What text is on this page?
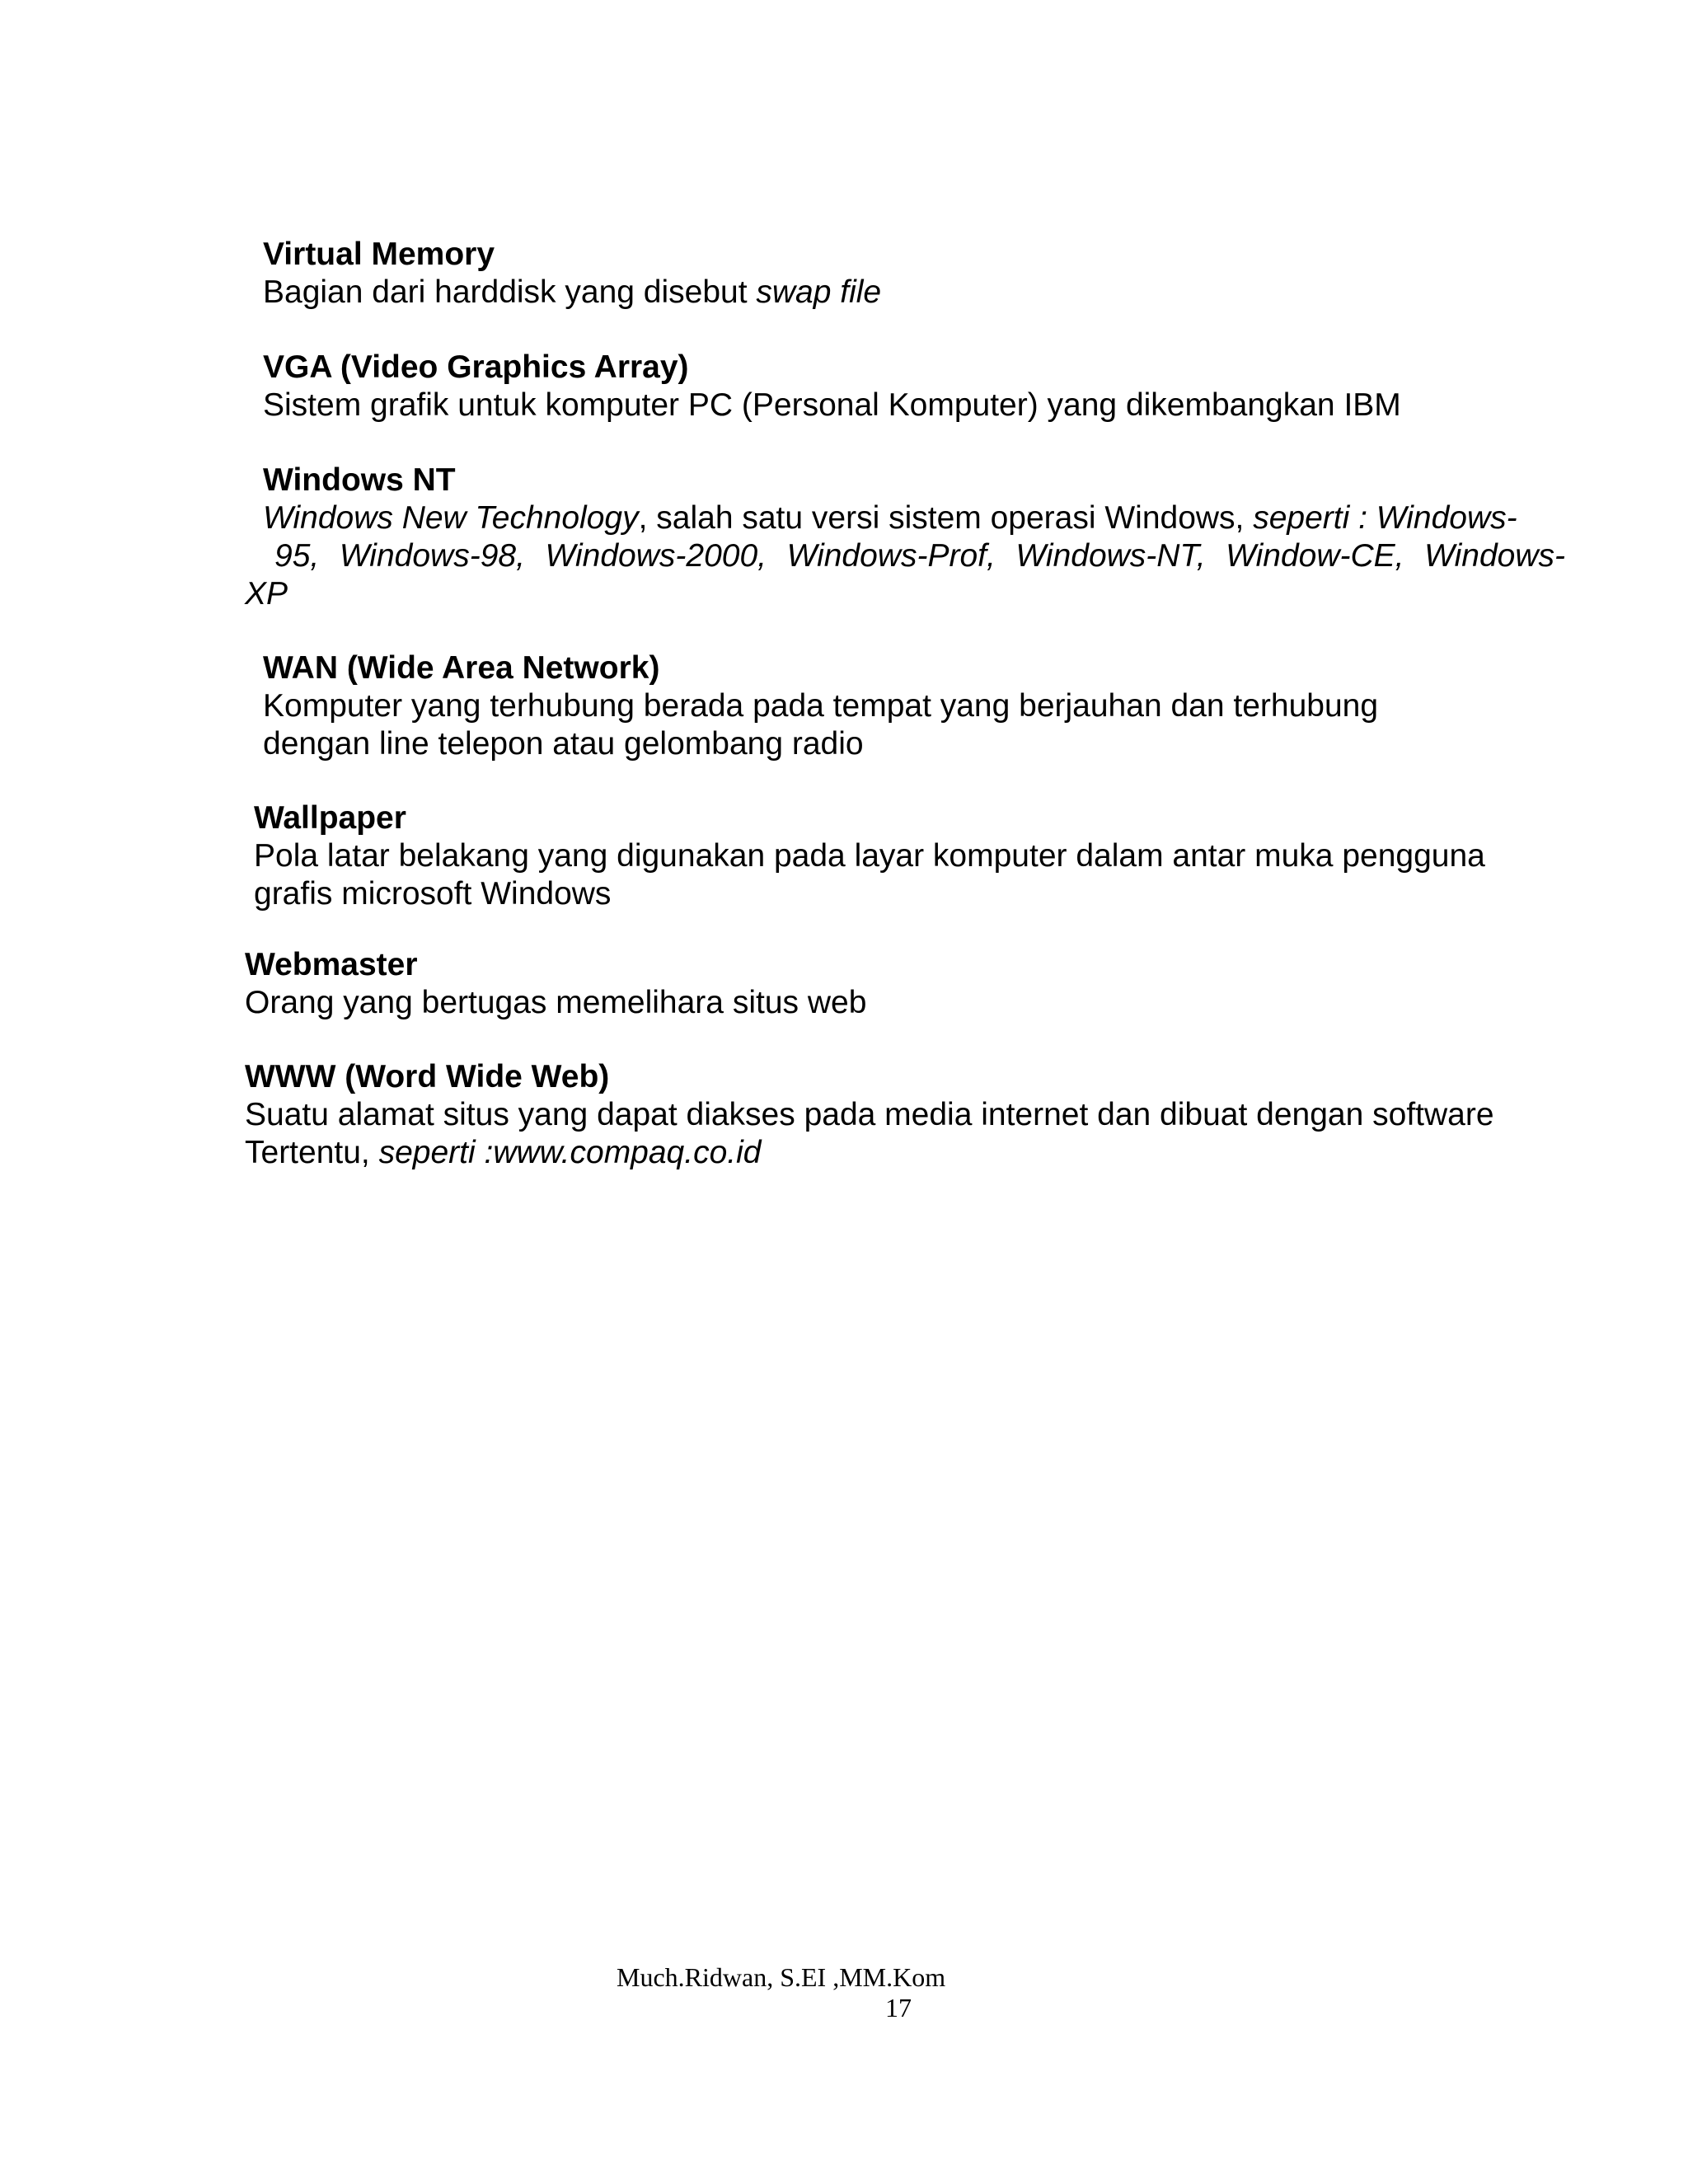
Virtual Memory
Bagian dari harddisk yang disebut swap file
VGA (Video Graphics Array)
Sistem grafik untuk komputer PC (Personal Komputer) yang dikembangkan IBM
Windows NT
Windows New Technology, salah satu versi sistem operasi Windows, seperti : Windows-
95, Windows-98, Windows-2000, Windows-Prof, Windows-NT, Window-CE, Windows-
XP
WAN (Wide Area Network)
Komputer yang terhubung berada pada tempat yang berjauhan dan terhubung
dengan line telepon atau gelombang radio
Wallpaper
Pola latar belakang yang digunakan pada layar komputer dalam antar muka pengguna
grafis microsoft Windows
Webmaster
Orang yang bertugas memelihara situs web
WWW (Word Wide Web)
Suatu alamat situs yang dapat diakses pada media internet dan dibuat dengan software
Tertentu, seperti :www.compaq.co.id
Much.Ridwan, S.EI ,MM.Kom
17
